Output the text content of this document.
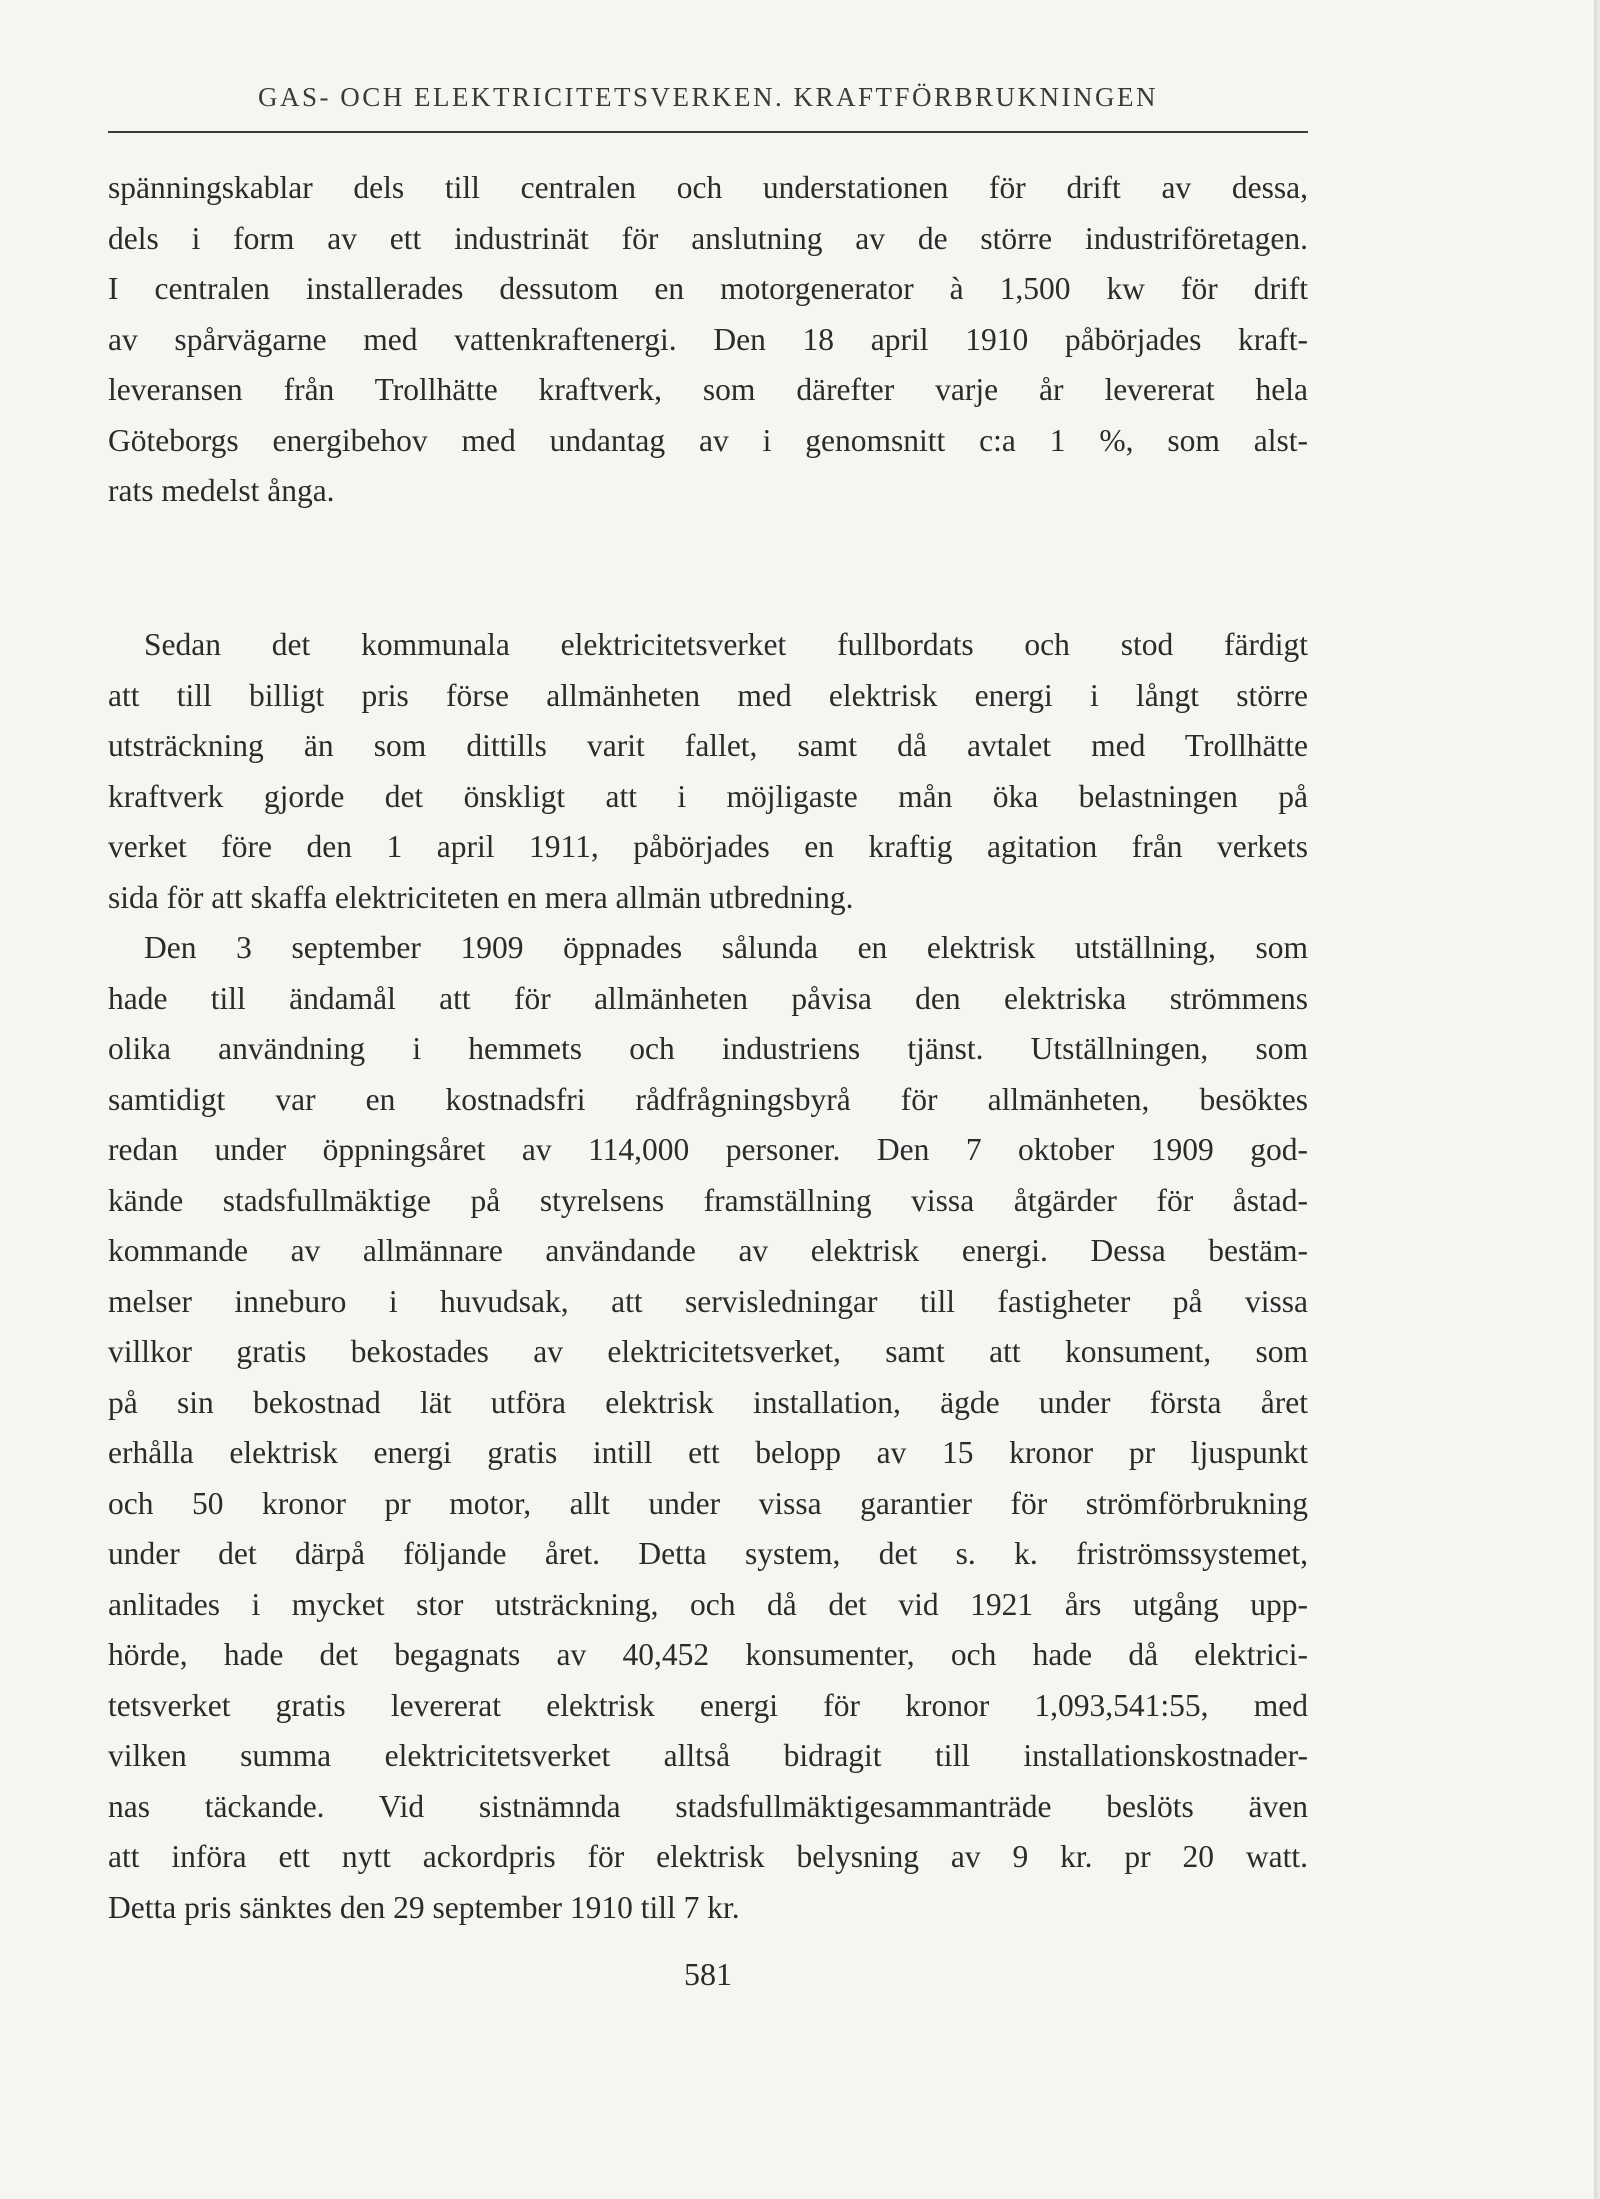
GAS- OCH ELEKTRICITETSVERKEN. KRAFTFÖRBRUKNINGEN
spänningskablar dels till centralen och understationen för drift av dessa,
dels i form av ett industrinät för anslutning av de större industriföretagen.
I centralen installerades dessutom en motorgenerator à 1,500 kw för drift
av spårvägarne med vattenkraftenergi. Den 18 april 1910 påbörjades kraft-
leveransen från Trollhätte kraftverk, som därefter varje år levererat hela
Göteborgs energibehov med undantag av i genomsnitt c:a 1 %, som alst-
rats medelst ånga.
Sedan det kommunala elektricitetsverket fullbordats och stod färdigt
att till billigt pris förse allmänheten med elektrisk energi i långt större
utsträckning än som dittills varit fallet, samt då avtalet med Trollhätte
kraftverk gjorde det önskligt att i möjligaste mån öka belastningen på
verket före den 1 april 1911, påbörjades en kraftig agitation från verkets
sida för att skaffa elektriciteten en mera allmän utbredning.
Den 3 september 1909 öppnades sålunda en elektrisk utställning, som
hade till ändamål att för allmänheten påvisa den elektriska strömmens
olika användning i hemmets och industriens tjänst. Utställningen, som
samtidigt var en kostnadsfri rådfrågningsbyrå för allmänheten, besöktes
redan under öppningsåret av 114,000 personer. Den 7 oktober 1909 god-
kände stadsfullmäktige på styrelsens framställning vissa åtgärder för åstad-
kommande av allmännare användande av elektrisk energi. Dessa bestäm-
melser inneburo i huvudsak, att servisledningar till fastigheter på vissa
villkor gratis bekostades av elektricitetsverket, samt att konsument, som
på sin bekostnad lät utföra elektrisk installation, ägde under första året
erhålla elektrisk energi gratis intill ett belopp av 15 kronor pr ljuspunkt
och 50 kronor pr motor, allt under vissa garantier för strömförbrukning
under det därpå följande året. Detta system, det s. k. friströmssystemet,
anlitades i mycket stor utsträckning, och då det vid 1921 års utgång upp-
hörde, hade det begagnats av 40,452 konsumenter, och hade då elektrici-
tetsverket gratis levererat elektrisk energi för kronor 1,093,541:55, med
vilken summa elektricitetsverket alltså bidragit till installationskostnader-
nas täckande. Vid sistnämnda stadsfullmäktigesammanträde beslöts även
att införa ett nytt ackordpris för elektrisk belysning av 9 kr. pr 20 watt.
Detta pris sänktes den 29 september 1910 till 7 kr.
581
